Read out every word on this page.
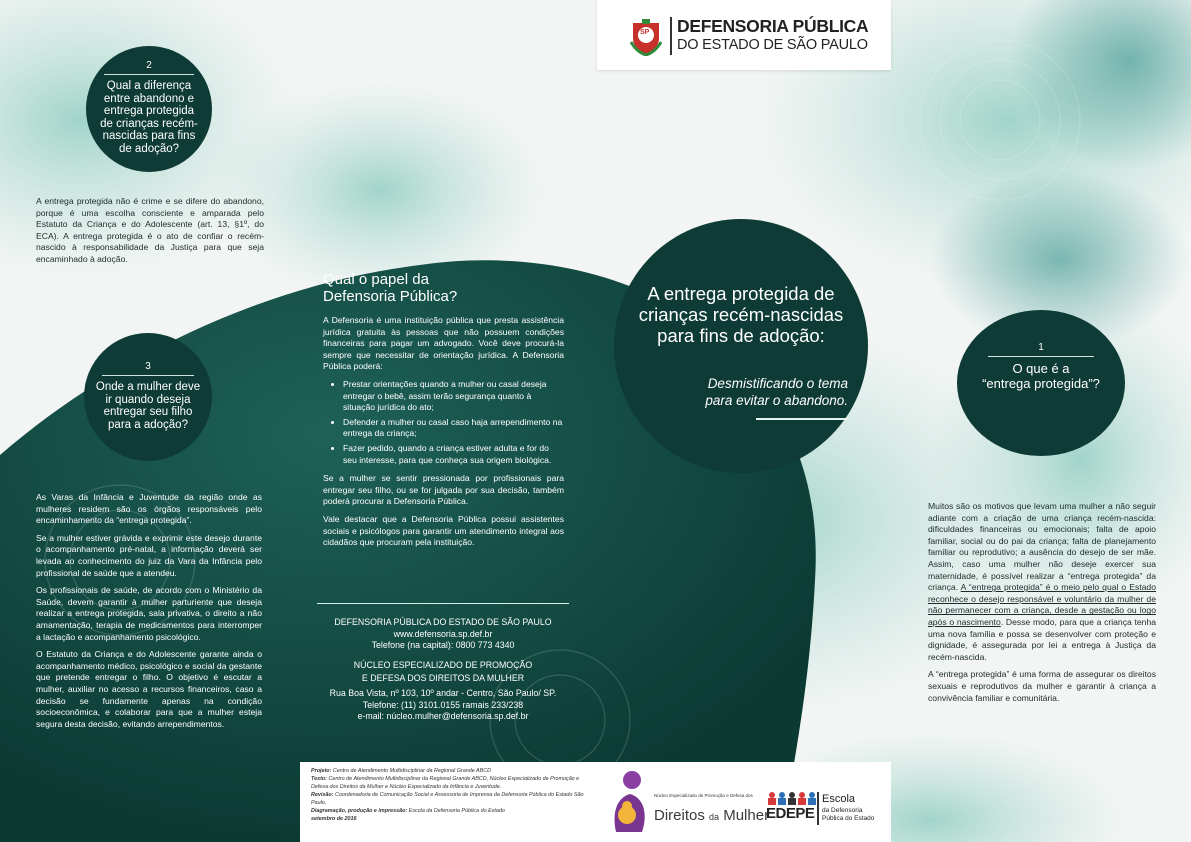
SP DEFENSORIA PÚBLICA
DO ESTADO DE SÃO PAULO
2
Qual a diferença entre abandono e entrega protegida de crianças recém-nascidas para fins de adoção?

A entrega protegida não é crime e se difere do abandono, porque é uma escolha consciente e amparada pelo Estatuto da Criança e do Adolescente (art. 13, §1º, do ECA). A entrega protegida é o ato de confiar o recém-nascido à responsabilidade da Justiça para que seja encaminhado à adoção.

3
Onde a mulher deve ir quando deseja entregar seu filho para a adoção?

As Varas da Infância e Juventude da região onde as mulheres residem são os órgãos responsáveis pelo encaminhamento da “entrega protegida”.

Se a mulher estiver grávida e exprimir este desejo durante o acompanhamento pré-natal, a informação deverá ser levada ao conhecimento do juiz da Vara da Infância pelo profissional de saúde que a atendeu.

Os profissionais de saúde, de acordo com o Ministério da Saúde, devem garantir à mulher parturiente que deseja realizar a entrega protegida, sala privativa, o direito a não amamentação, terapia de medicamentos para interromper a lactação e acompanhamento psicológico.

O Estatuto da Criança e do Adolescente garante ainda o acompanhamento médico, psicológico e social da gestante que pretende entregar o filho. O objetivo é escutar a mulher, auxiliar no acesso a recursos financeiros, caso a decisão se fundamente apenas na condição socioeconômica, e colaborar para que a mulher esteja segura desta decisão, evitando arrependimentos.

Qual o papel da Defensoria Pública?

A Defensoria é uma instituição pública que presta assistência jurídica gratuita às pessoas que não possuem condições financeiras para pagar um advogado. Você deve procurá-la sempre que necessitar de orientação jurídica. A Defensoria Pública poderá:

• Prestar orientações quando a mulher ou casal deseja entregar o bebê, assim terão segurança quanto à situação jurídica do ato;
• Defender a mulher ou casal caso haja arrependimento na entrega da criança;
• Fazer pedido, quando a criança estiver adulta e for do seu interesse, para que conheça sua origem biológica.

Se a mulher se sentir pressionada por profissionais para entregar seu filho, ou se for julgada por sua decisão, também poderá procurar a Defensoria Pública.

Vale destacar que a Defensoria Pública possui assistentes sociais e psicólogos para garantir um atendimento integral aos cidadãos que procuram pela instituição.

DEFENSORIA PÚBLICA DO ESTADO DE SÃO PAULO
www.defensoria.sp.def.br
Telefone (na capital): 0800 773 4340
NÚCLEO ESPECIALIZADO DE PROMOÇÃO
E DEFESA DOS DIREITOS DA MULHER
Rua Boa Vista, nº 103, 10º andar - Centro, São Paulo/ SP.
Telefone: (11) 3101.0155 ramais 233/238
e-mail: núcleo.mulher@defensoria.sp.def.br
A entrega protegida de crianças recém-nascidas para fins de adoção:
Desmistificando o tema
para evitar o abandono.
1
O que é a
“entrega protegida”?

Muitos são os motivos que levam uma mulher a não seguir adiante com a criação de uma criança recém-nascida: dificuldades financeiras ou emocionais; falta de apoio familiar, social ou do pai da criança; falta de planejamento familiar ou reprodutivo; a ausência do desejo de ser mãe. Assim, caso uma mulher não deseje exercer sua maternidade, é possível realizar a “entrega protegida” da criança. A “entrega protegida” é o meio pelo qual o Estado reconhece o desejo responsável e voluntário da mulher de não permanecer com a criança, desde a gestação ou logo após o nascimento. Desse modo, para que a criança tenha uma nova família e possa se desenvolver com proteção e dignidade, é assegurada por lei a entrega à Justiça da recém-nascida.

A “entrega protegida” é uma forma de assegurar os direitos sexuais e reprodutivos da mulher e garantir à criança a convivência familiar e comunitária.

Projeto: Centro de Atendimento Multidisciplinar da Regional Grande ABCD
Texto: Centro de Atendimento Multidisciplinar da Regional Grande ABCD, Núcleo Especializado de Promoção e Defesa dos Direitos da Mulher e Núcleo Especializado da Infância e Juventude.
Revisão: Coordenadoria de Comunicação Social e Assessoria de Imprensa da Defensoria Pública do Estado São Paulo.
Diagramação, produção e impressão: Escola da Defensoria Pública do Estado
setembro de 2016
Núcleo Especializado de Promoção e Defesa dos
Direitos da Mulher
EDEPE
Escola
da Defensoria
Pública do Estado
